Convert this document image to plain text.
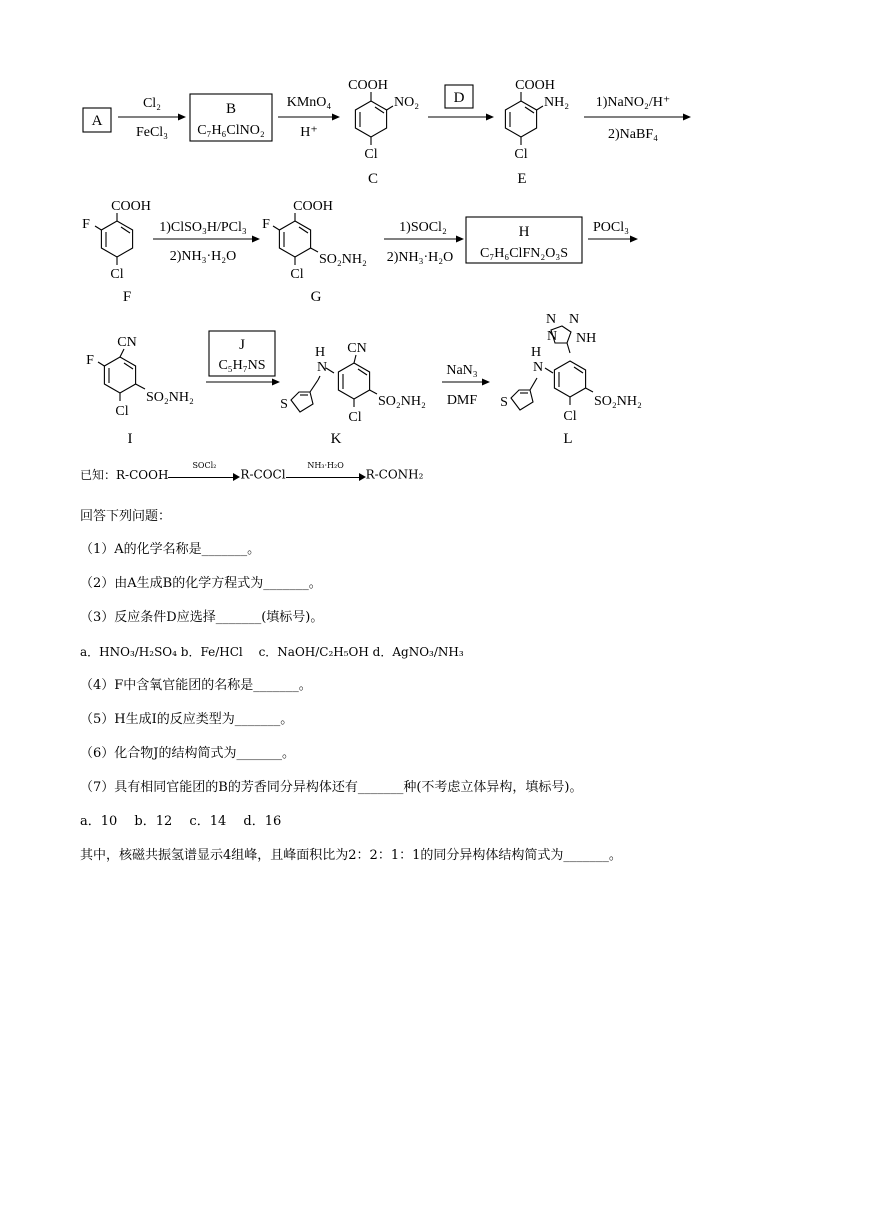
A
Cl₂
FeCl₃
B
C₇H₆ClNO₂
KMnO₄
H⁺
COOH
NO₂
Cl
C
D
COOH
NH₂
Cl
E
1)NaNO₂/H⁺
2)NaBF₄
COOH
F
Cl
F
1)ClSO₃H/PCl₃
2)NH₃·H₂O
COOH
F
SO₂NH₂
Cl
G
1)SOCl₂
2)NH₃·H₂O
H
C₇H₆ClFN₂O₃S
POCl₃
CN
F
SO₂NH₂
Cl
I
J
C₅H₇NS
S
H
N
CN
SO₂NH₂
Cl
K
NaN₃
DMF
N N
N NH
S
H
N
SO₂NH₂
Cl
L
已知：R-COOH
SOCl₂
R-COCl
NH₃·H₂O
R-CONH₂
回答下列问题：
（1）A的化学名称是_______。
（2）由A生成B的化学方程式为_______。
（3）反应条件D应选择_______(填标号)。
a．HNO₃/H₂SO₄ b．Fe/HCl　 c．NaOH/C₂H₅OH d．AgNO₃/NH₃
（4）F中含氧官能团的名称是_______。
（5）H生成I的反应类型为_______。
（6）化合物J的结构简式为_______。
（7）具有相同官能团的B的芳香同分异构体还有_______种(不考虑立体异构，填标号)。
a．10　 b．12　 c．14　 d．16
其中，核磁共振氢谱显示4组峰，且峰面积比为2：2：1：1的同分异构体结构简式为_______。
